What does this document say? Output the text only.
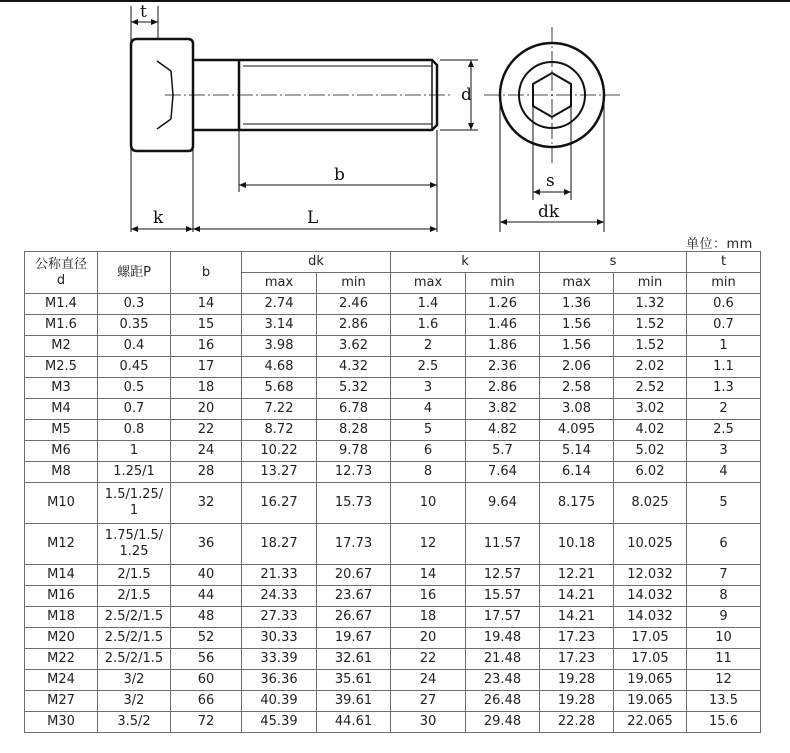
t
d
b
k	L
s
dk
单位：mm
公称直径
d	螺距P	b	dk		k		s		t
			max	min	max	min	max	min	min
M1.4	0.3	14	2.74	2.46	1.4	1.26	1.36	1.32	0.6
M1.6	0.35	15	3.14	2.86	1.6	1.46	1.56	1.52	0.7
M2	0.4	16	3.98	3.62	2	1.86	1.56	1.52	1
M2.5	0.45	17	4.68	4.32	2.5	2.36	2.06	2.02	1.1
M3	0.5	18	5.68	5.32	3	2.86	2.58	2.52	1.3
M4	0.7	20	7.22	6.78	4	3.82	3.08	3.02	2
M5	0.8	22	8.72	8.28	5	4.82	4.095	4.02	2.5
M6	1	24	10.22	9.78	6	5.7	5.14	5.02	3
M8	1.25/1	28	13.27	12.73	8	7.64	6.14	6.02	4
M10	1.5/1.25/
1	32	16.27	15.73	10	9.64	8.175	8.025	5
M12	1.75/1.5/
1.25	36	18.27	17.73	12	11.57	10.18	10.025	6
M14	2/1.5	40	21.33	20.67	14	12.57	12.21	12.032	7
M16	2/1.5	44	24.33	23.67	16	15.57	14.21	14.032	8
M18	2.5/2/1.5	48	27.33	26.67	18	17.57	14.21	14.032	9
M20	2.5/2/1.5	52	30.33	19.67	20	19.48	17.23	17.05	10
M22	2.5/2/1.5	56	33.39	32.61	22	21.48	17.23	17.05	11
M24	3/2	60	36.36	35.61	24	23.48	19.28	19.065	12
M27	3/2	66	40.39	39.61	27	26.48	19.28	19.065	13.5
M30	3.5/2	72	45.39	44.61	30	29.48	22.28	22.065	15.6
